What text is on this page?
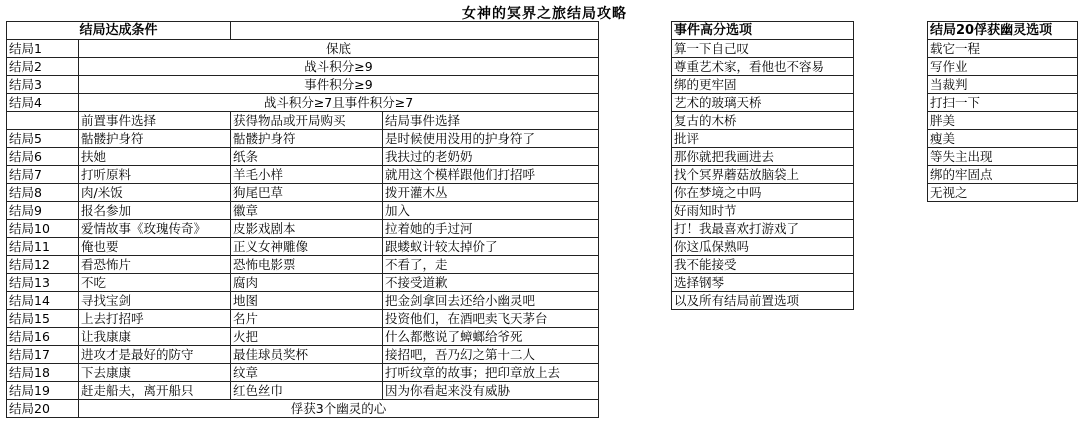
女神的冥界之旅结局攻略
结局达成条件			
结局1	保底		
结局2	战斗积分≥9		
结局3	事件积分≥9		
结局4	战斗积分≥7且事件积分≥7		
	前置事件选择	获得物品或开局购买	结局事件选择
结局5	骷髅护身符	骷髅护身符	是时候使用没用的护身符了
结局6	扶她	纸条	我扶过的老奶奶
结局7	打听原料	羊毛小样	就用这个模样跟他们打招呼
结局8	肉/米饭	狗尾巴草	拨开灌木丛
结局9	报名参加	徽章	加入
结局10	爱情故事《玫瑰传奇》	皮影戏剧本	拉着她的手过河
结局11	俺也要	正义女神雕像	跟蝼蚁计较太掉价了
结局12	看恐怖片	恐怖电影票	不看了，走
结局13	不吃	腐肉	不接受道歉
结局14	寻找宝剑	地图	把金剑拿回去还给小幽灵吧
结局15	上去打招呼	名片	投资他们，在酒吧卖飞天茅台
结局16	让我康康	火把	什么都憋说了蟑螂给爷死
结局17	进攻才是最好的防守	最佳球员奖杯	接招吧，吾乃幻之第十二人
结局18	下去康康	纹章	打听纹章的故事；把印章放上去
结局19	赶走船夫，离开船只	红色丝巾	因为你看起来没有威胁
结局20	俘获3个幽灵的心		
事件高分选项
算一下自己叹
尊重艺术家，看他也不容易
绑的更牢固
艺术的玻璃天桥
复古的木桥
批评
那你就把我画进去
找个冥界蘑菇放脑袋上
你在梦境之中吗
好雨知时节
打！我最喜欢打游戏了
你这瓜保熟吗
我不能接受
选择钢琴
以及所有结局前置选项
结局20俘获幽灵选项
载它一程
写作业
当裁判
打扫一下
胖美
瘦美
等失主出现
绑的牢固点
无视之
